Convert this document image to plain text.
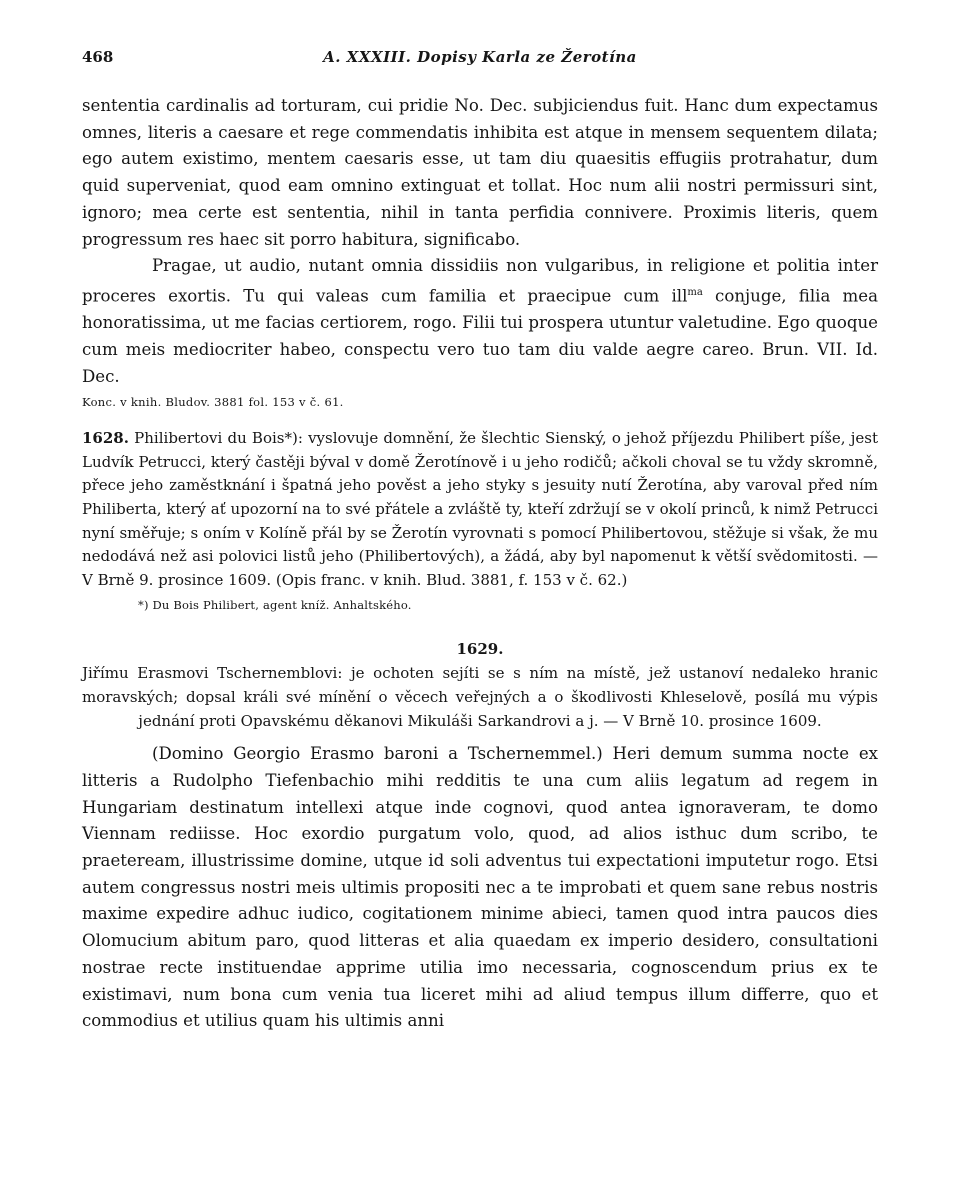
468	A. XXXIII. Dopisy Karla ze Žerotína

sententia cardinalis ad torturam, cui pridie No. Dec. subjiciendus fuit. Hanc dum expectamus omnes, literis a caesare et rege commendatis inhibita est atque in mensem sequentem dilata; ego autem existimo, mentem caesaris esse, ut tam diu quaesitis effugiis protrahatur, dum quid superveniat, quod eam omnino extinguat et tollat. Hoc num alii nostri permissuri sint, ignoro; mea certe est sententia, nihil in tanta perfidia connivere. Proximis literis, quem progressum res haec sit porro habitura, significabo.

Pragae, ut audio, nutant omnia dissidiis non vulgaribus, in religione et politia inter proceres exortis. Tu qui valeas cum familia et praecipue cum ill$^{ma}$ conjuge, filia mea honoratissima, ut me facias certiorem, rogo. Filii tui prospera utuntur valetudine. Ego quoque cum meis mediocriter habeo, conspectu vero tuo tam diu valde aegre careo. Brun. VII. Id. Dec.

Konc. v knih. Bludov. 3881 fol. 153 v č. 61.

1628. Philibertovi du Bois*): vyslovuje domnění, že šlechtic Sienský, o jehož příjezdu Philibert píše, jest Ludvík Petrucci, který častěji býval v domě Žerotínově i u jeho rodičů; ačkoli choval se tu vždy skromně, přece jeho zaměstknání i špatná jeho pověst a jeho styky s jesuity nutí Žerotína, aby varoval před ním Philiberta, který ať upozorní na to své přátele a zvláště ty, kteří zdržují se v okolí princů, k nimž Petrucci nyní směřuje; s oním v Kolíně přál by se Žerotín vyrovnati s pomocí Philibertovou, stěžuje si však, že mu nedodává než asi polovici listů jeho (Philibertových), a žádá, aby byl napomenut k větší svědomitosti. — V Brně 9. prosince 1609. (Opis franc. v knih. Blud. 3881, f. 153 v č. 62.)

*) Du Bois Philibert, agent kníž. Anhaltského.

1629.

Jiřímu Erasmovi Tschernemblovi: je ochoten sejíti se s ním na místě, jež ustanoví nedaleko hranic moravských; dopsal králi své mínění o věcech veřejných a o škodlivosti Khleselově, posílá mu výpis jednání proti Opavskému děkanovi Mikuláši Sarkandrovi a j. — V Brně 10. prosince 1609.

(Domino Georgio Erasmo baroni a Tschernemmel.) Heri demum summa nocte ex litteris a Rudolpho Tiefenbachio mihi redditis te una cum aliis legatum ad regem in Hungariam destinatum intellexi atque inde cognovi, quod antea ignoraveram, te domo Viennam rediisse. Hoc exordio purgatum volo, quod, ad alios isthuc dum scribo, te praeteream, illustrissime domine, utque id soli adventus tui expectationi imputetur rogo. Etsi autem congressus nostri meis ultimis propositi nec a te improbati et quem sane rebus nostris maxime expedire adhuc iudico, cogitationem minime abieci, tamen quod intra paucos dies Olomucium abitum paro, quod litteras et alia quaedam ex imperio desidero, consultationi nostrae recte instituendae apprime utilia imo necessaria, cognoscendum prius ex te existimavi, num bona cum venia tua liceret mihi ad aliud tempus illum differre, quo et commodius et utilius quam his ultimis anni
